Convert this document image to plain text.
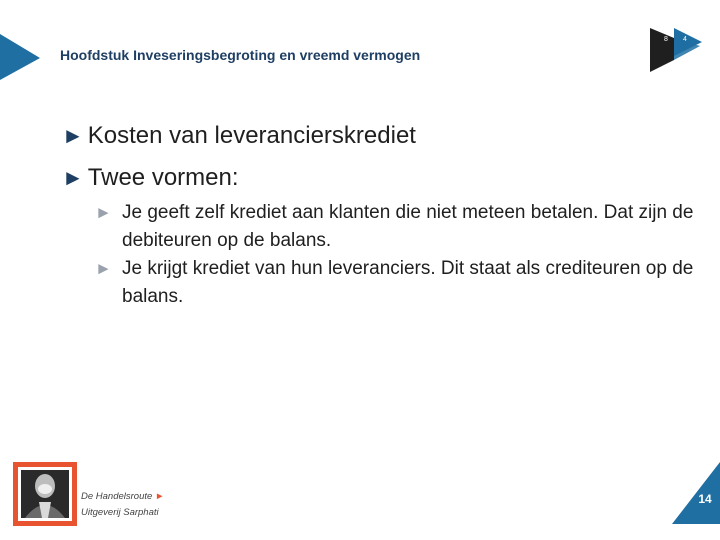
Hoofdstuk Inveseringsbegroting en vreemd vermogen
8 4
► Kosten van leverancierskrediet
► Twee vormen:
► Je geeft zelf krediet aan klanten die niet meteen betalen. Dat zijn de debiteuren op de balans.
► Je krijgt krediet van hun leveranciers. Dit staat als crediteuren op de balans.
De Handelsroute ►
Uitgeverij Sarphati
14
